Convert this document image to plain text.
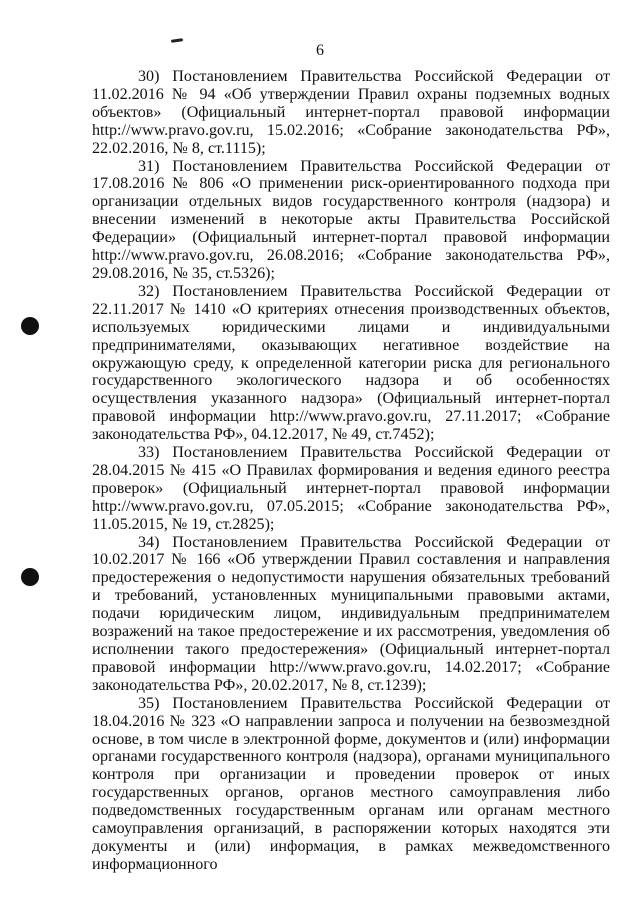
6

30) Постановлением Правительства Российской Федерации от 11.02.2016 № 94 «Об утверждении Правил охраны подземных водных объектов» (Официальный интернет-портал правовой информации http://www.pravo.gov.ru, 15.02.2016; «Собрание законодательства РФ», 22.02.2016, № 8, ст.1115);

31) Постановлением Правительства Российской Федерации от 17.08.2016 № 806 «О применении риск-ориентированного подхода при организации отдельных видов государственного контроля (надзора) и внесении изменений в некоторые акты Правительства Российской Федерации» (Официальный интернет-портал правовой информации http://www.pravo.gov.ru, 26.08.2016; «Собрание законодательства РФ», 29.08.2016, № 35, ст.5326);

32) Постановлением Правительства Российской Федерации от 22.11.2017 № 1410 «О критериях отнесения производственных объектов, используемых юридическими лицами и индивидуальными предпринимателями, оказывающих негативное воздействие на окружающую среду, к определенной категории риска для регионального государственного экологического надзора и об особенностях осуществления указанного надзора» (Официальный интернет-портал правовой информации http://www.pravo.gov.ru, 27.11.2017; «Собрание законодательства РФ», 04.12.2017, № 49, ст.7452);

33) Постановлением Правительства Российской Федерации от 28.04.2015 № 415 «О Правилах формирования и ведения единого реестра проверок» (Официальный интернет-портал правовой информации http://www.pravo.gov.ru, 07.05.2015; «Собрание законодательства РФ», 11.05.2015, № 19, ст.2825);

34) Постановлением Правительства Российской Федерации от 10.02.2017 № 166 «Об утверждении Правил составления и направления предостережения о недопустимости нарушения обязательных требований и требований, установленных муниципальными правовыми актами, подачи юридическим лицом, индивидуальным предпринимателем возражений на такое предостережение и их рассмотрения, уведомления об исполнении такого предостережения» (Официальный интернет-портал правовой информации http://www.pravo.gov.ru, 14.02.2017; «Собрание законодательства РФ», 20.02.2017, № 8, ст.1239);

35) Постановлением Правительства Российской Федерации от 18.04.2016 № 323 «О направлении запроса и получении на безвозмездной основе, в том числе в электронной форме, документов и (или) информации органами государственного контроля (надзора), органами муниципального контроля при организации и проведении проверок от иных государственных органов, органов местного самоуправления либо подведомственных государственным органам или органам местного самоуправления организаций, в распоряжении которых находятся эти документы и (или) информация, в рамках межведомственного информационного
